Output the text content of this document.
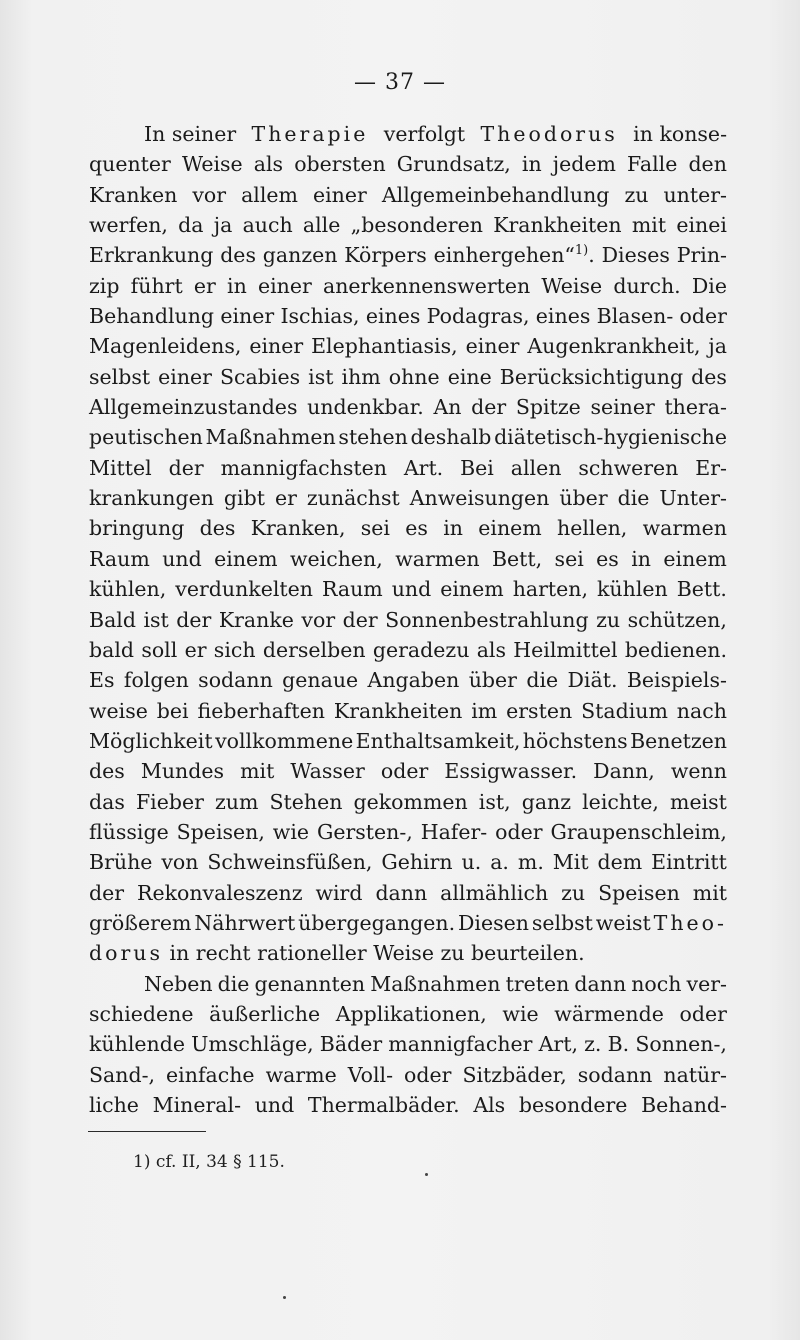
— 37 —
In seiner Therapie verfolgt Theodorus in konse-
quenter Weise als obersten Grundsatz, in jedem Falle den
Kranken vor allem einer Allgemeinbehandlung zu unter-
werfen, da ja auch alle „besonderen Krankheiten mit einei
Erkrankung des ganzen Körpers einhergehen“$^{1)}$. Dieses Prin-
zip führt er in einer anerkennenswerten Weise durch. Die
Behandlung einer Ischias, eines Podagras, eines Blasen- oder
Magenleidens, einer Elephantiasis, einer Augenkrankheit, ja
selbst einer Scabies ist ihm ohne eine Berücksichtigung des
Allgemeinzustandes undenkbar. An der Spitze seiner thera-
peutischen Maßnahmen stehen deshalb diätetisch-hygienische
Mittel der mannigfachsten Art. Bei allen schweren Er-
krankungen gibt er zunächst Anweisungen über die Unter-
bringung des Kranken, sei es in einem hellen, warmen
Raum und einem weichen, warmen Bett, sei es in einem
kühlen, verdunkelten Raum und einem harten, kühlen Bett.
Bald ist der Kranke vor der Sonnenbestrahlung zu schützen,
bald soll er sich derselben geradezu als Heilmittel bedienen.
Es folgen sodann genaue Angaben über die Diät. Beispiels-
weise bei fieberhaften Krankheiten im ersten Stadium nach
Möglichkeit vollkommene Enthaltsamkeit, höchstens Benetzen
des Mundes mit Wasser oder Essigwasser. Dann, wenn
das Fieber zum Stehen gekommen ist, ganz leichte, meist
flüssige Speisen, wie Gersten-, Hafer- oder Graupenschleim,
Brühe von Schweinsfüßen, Gehirn u. a. m. Mit dem Eintritt
der Rekonvaleszenz wird dann allmählich zu Speisen mit
größerem Nährwert übergegangen. Diesen selbst weist Theo-
dorus in recht rationeller Weise zu beurteilen.
Neben die genannten Maßnahmen treten dann noch ver-
schiedene äußerliche Applikationen, wie wärmende oder
kühlende Umschläge, Bäder mannigfacher Art, z. B. Sonnen-,
Sand-, einfache warme Voll- oder Sitzbäder, sodann natür-
liche Mineral- und Thermalbäder. Als besondere Behand-
1) cf. II, 34 § 115.
